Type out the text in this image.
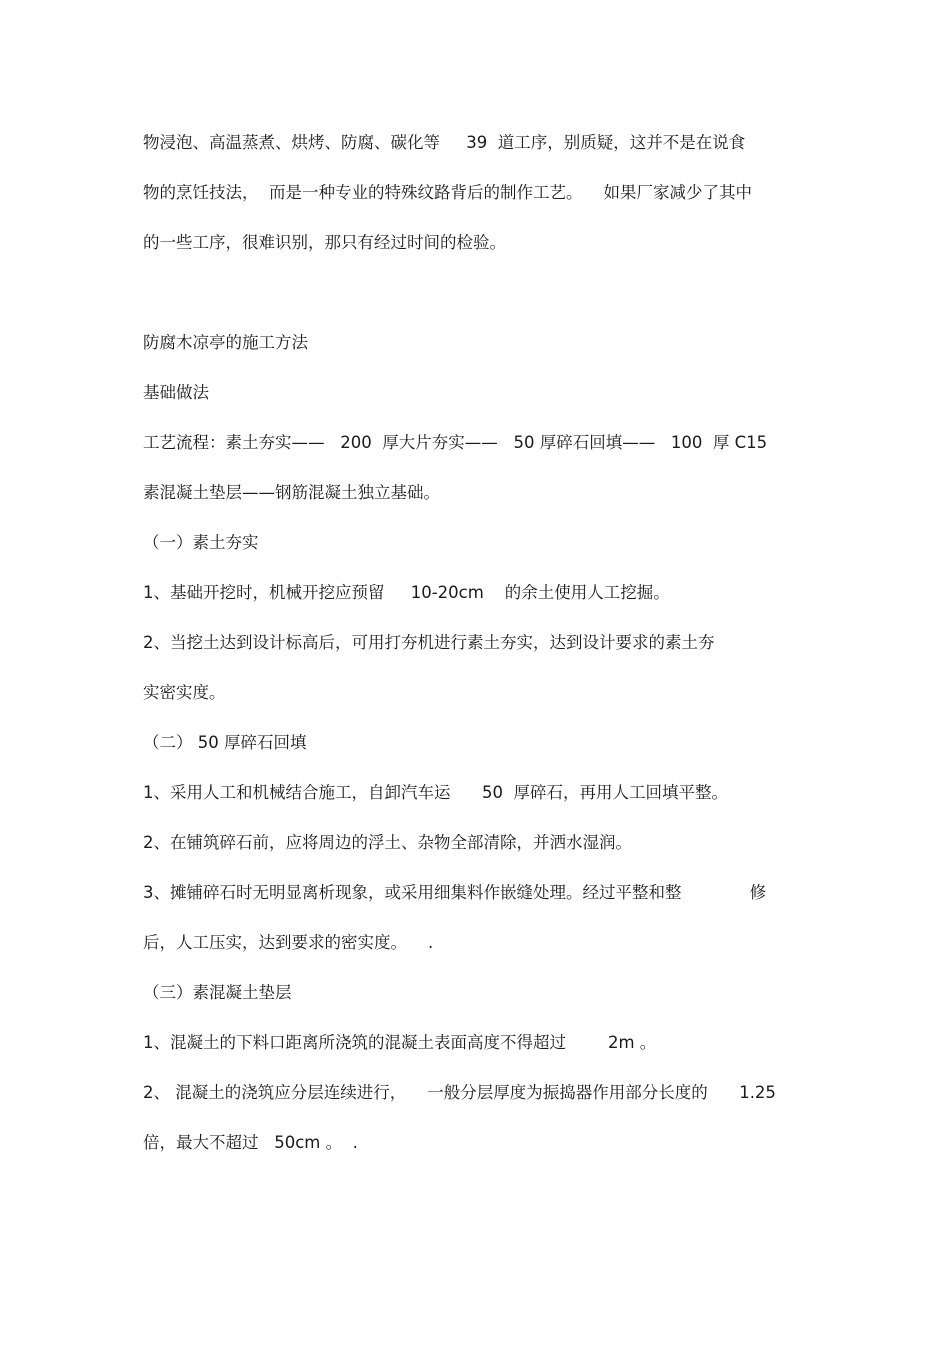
物浸泡、高温蒸煮、烘烤、防腐、碳化等     39  道工序，别质疑，这并不是在说食
物的烹饪技法，  而是一种专业的特殊纹路背后的制作工艺。    如果厂家减少了其中
的一些工序，很难识别，那只有经过时间的检验。
防腐木凉亭的施工方法
基础做法
工艺流程：素土夯实——   200  厚大片夯实——   50 厚碎石回填——   100  厚 C15
素混凝土垫层——钢筋混凝土独立基础。
（一）素土夯实
1、基础开挖时，机械开挖应预留     10-20cm    的余土使用人工挖掘。
2、当挖土达到设计标高后，可用打夯机进行素土夯实，达到设计要求的素土夯
实密实度。
（二） 50 厚碎石回填
1、采用人工和机械结合施工，自卸汽车运      50  厚碎石，再用人工回填平整。
2、在铺筑碎石前，应将周边的浮土、杂物全部清除，并洒水湿润。
3、摊铺碎石时无明显离析现象，或采用细集料作嵌缝处理。经过平整和整             修
后，人工压实，达到要求的密实度。    .
（三）素混凝土垫层
1、混凝土的下料口距离所浇筑的混凝土表面高度不得超过        2m 。
2、 混凝土的浇筑应分层连续进行，    一般分层厚度为振捣器作用部分长度的      1.25
倍，最大不超过   50cm 。  .
